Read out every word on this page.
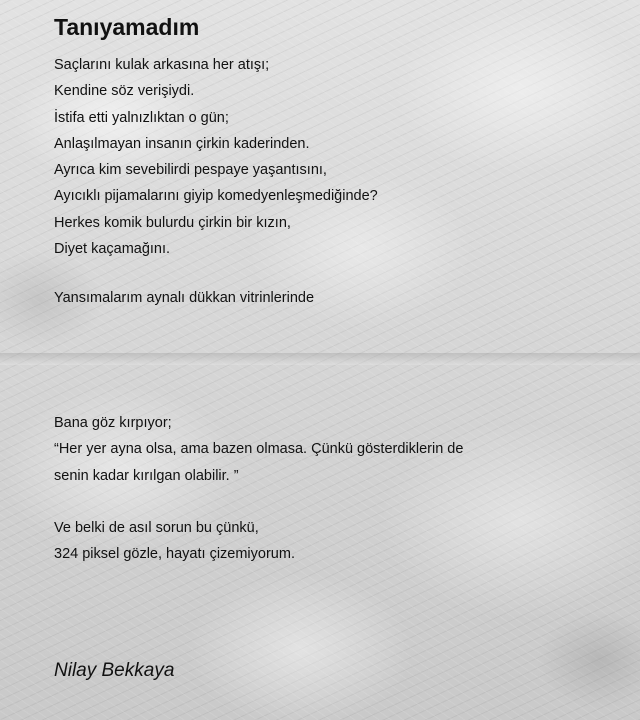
Tanıyamadım
Saçlarını kulak arkasına her atışı;
Kendine söz verişiydi.
İstifa etti yalnızlıktan o gün;
Anlaşılmayan insanın çirkin kaderinden.
Ayrıca kim sevebilirdi pespaye yaşantısını,
Ayıcıklı pijamalarını giyip komedyenleşmediğinde?
Herkes komik bulurdu çirkin bir kızın,
Diyet kaçamağını.
Yansımalarım aynalı dükkan vitrinlerinde
Bana göz kırpıyor;
“Her yer ayna olsa, ama bazen olmasa. Çünkü gösterdiklerin de
senin kadar kırılgan olabilir. ”
Ve belki de asıl sorun bu çünkü,
324 piksel gözle, hayatı çizemiyorum.
Nilay Bekkaya
